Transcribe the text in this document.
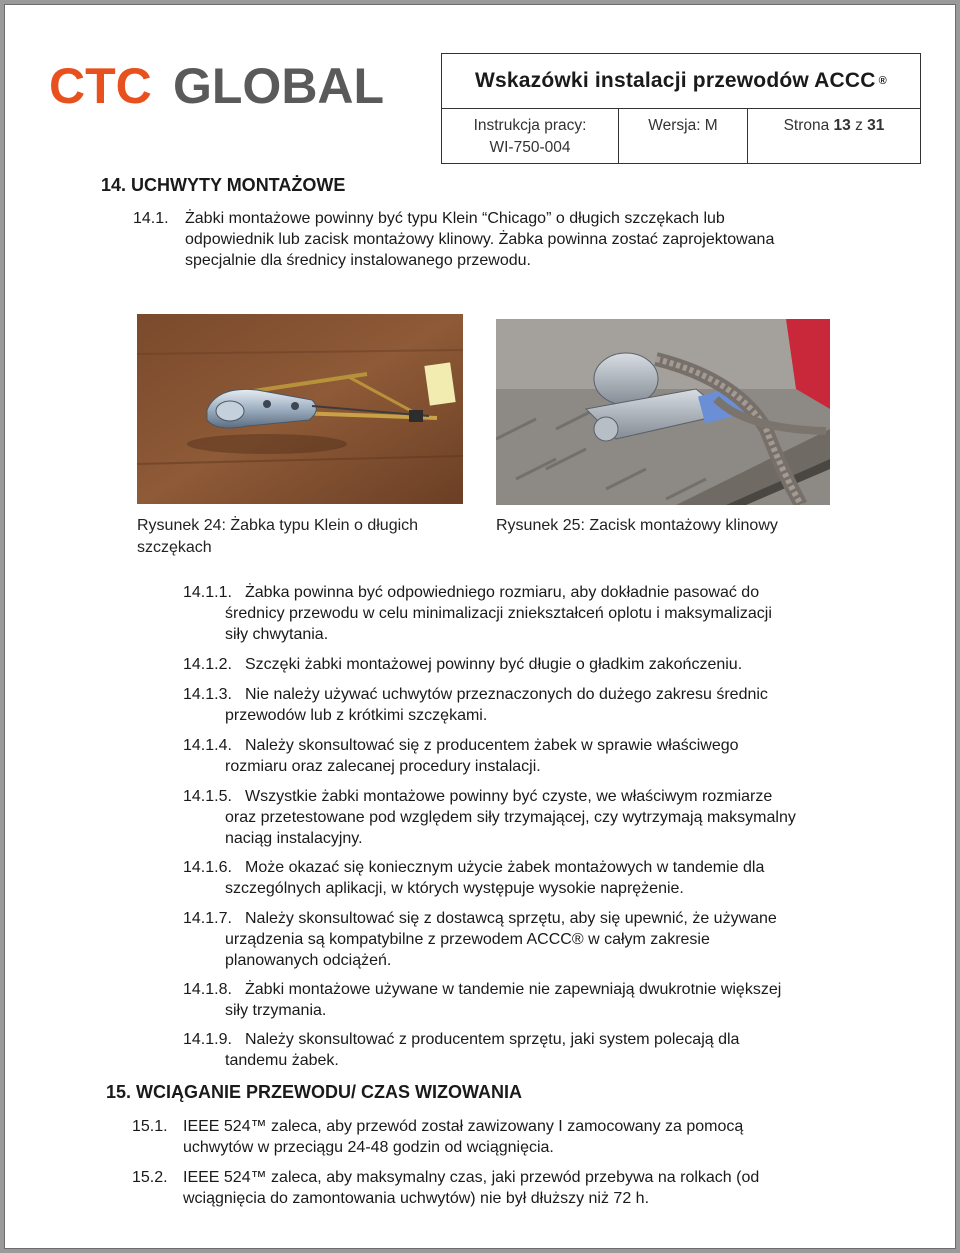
CTC GLOBAL	Wskazówki instalacji przewodów ACCC ®
Instrukcja pracy:
WI-750-004
Wersja: M	Strona 13 z 31
14. UCHWYTY MONTAŻOWE
14.1. Żabki montażowe powinny być typu Klein “Chicago” o długich szczękach lub
odpowiednik lub zacisk montażowy klinowy. Żabka powinna zostać zaprojektowana
specjalnie dla średnicy instalowanego przewodu.
Rysunek 24: Żabka typu Klein o długich
szczękach
Rysunek 25: Zacisk montażowy klinowy
14.1.1. Żabka powinna być odpowiedniego rozmiaru, aby dokładnie pasować do
średnicy przewodu w celu minimalizacji zniekształceń oplotu i maksymalizacji
siły chwytania.
14.1.2. Szczęki żabki montażowej powinny być długie o gładkim zakończeniu.
14.1.3. Nie należy używać uchwytów przeznaczonych do dużego zakresu średnic
przewodów lub z krótkimi szczękami.
14.1.4. Należy skonsultować się z producentem żabek w sprawie właściwego
rozmiaru oraz zalecanej procedury instalacji.
14.1.5. Wszystkie żabki montażowe powinny być czyste, we właściwym rozmiarze
oraz przetestowane pod względem siły trzymającej, czy wytrzymają maksymalny
naciąg instalacyjny.
14.1.6. Może okazać się koniecznym użycie żabek montażowych w tandemie dla
szczególnych aplikacji, w których występuje wysokie naprężenie.
14.1.7. Należy skonsultować się z dostawcą sprzętu, aby się upewnić, że używane
urządzenia są kompatybilne z przewodem ACCC® w całym zakresie
planowanych odciążeń.
14.1.8. Żabki montażowe używane w tandemie nie zapewniają dwukrotnie większej
siły trzymania.
14.1.9. Należy skonsultować z producentem sprzętu, jaki system polecają dla
tandemu żabek.
15. WCIĄGANIE PRZEWODU/ CZAS WIZOWANIA
15.1. IEEE 524™ zaleca, aby przewód został zawizowany I zamocowany za pomocą
uchwytów w przeciągu 24-48 godzin od wciągnięcia.
15.2. IEEE 524™ zaleca, aby maksymalny czas, jaki przewód przebywa na rolkach (od
wciągnięcia do zamontowania uchwytów) nie był dłuższy niż 72 h.
